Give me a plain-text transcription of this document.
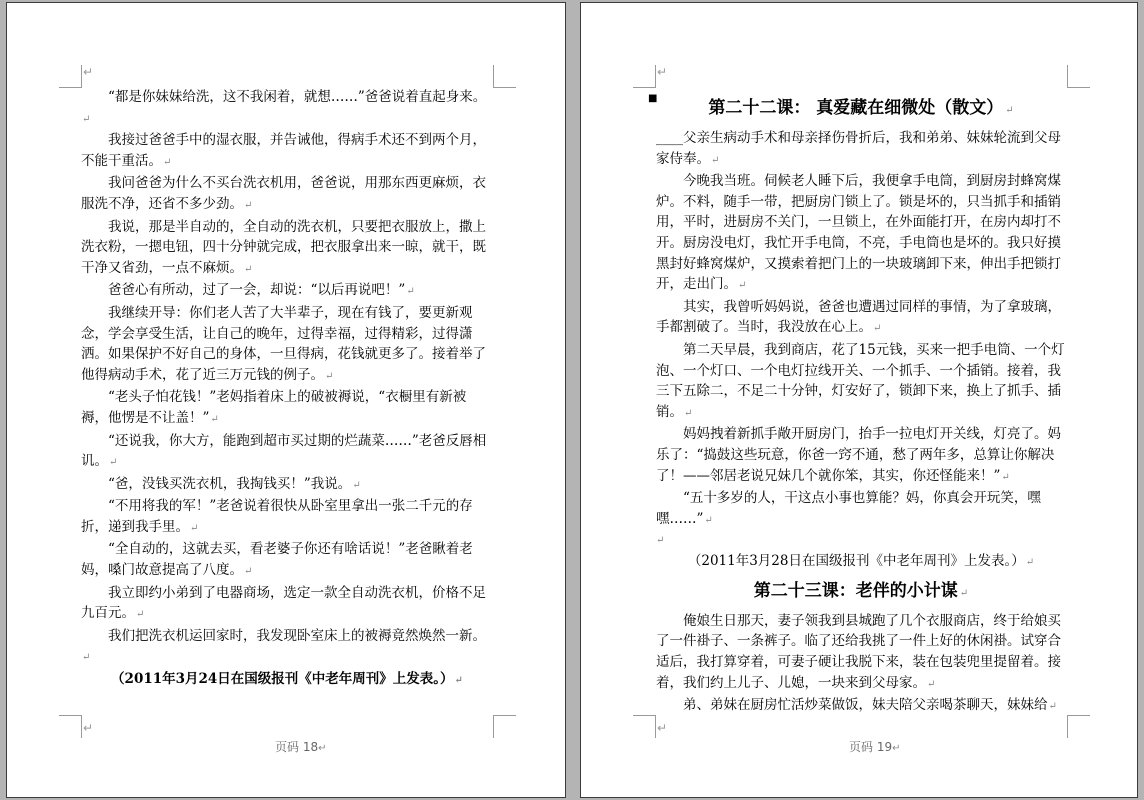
↵
↵

“都是你妹妹给洗，这不我闲着，就想……”爸爸说着直起身来。 ↵

我接过爸爸手中的湿衣服，并告诫他，得病手术还不到两个月，不能干重活。 ↵

我问爸爸为什么不买台洗衣机用，爸爸说，用那东西更麻烦，衣服洗不净，还省不多少劲。 ↵

我说，那是半自动的，全自动的洗衣机，只要把衣服放上，撒上洗衣粉，一摁电钮，四十分钟就完成，把衣服拿出来一晾，就干，既干净又省劲，一点不麻烦。 ↵

爸爸心有所动，过了一会，却说：“以后再说吧！” ↵

我继续开导：你们老人苦了大半辈子，现在有钱了，要更新观念，学会享受生活，让自己的晚年，过得幸福，过得精彩，过得潇洒。如果保护不好自己的身体，一旦得病，花钱就更多了。接着举了他得病动手术，花了近三万元钱的例子。 ↵

“老头子怕花钱！”老妈指着床上的破被褥说，“衣橱里有新被褥，他愣是不让盖！” ↵

“还说我，你大方，能跑到超市买过期的烂蔬菜……”老爸反唇相讥。 ↵

“爸，没钱买洗衣机，我掏钱买！”我说。 ↵

“不用将我的军！”老爸说着很快从卧室里拿出一张二千元的存折，递到我手里。 ↵

“全自动的，这就去买，看老婆子你还有啥话说！”老爸瞅着老妈，嗓门故意提高了八度。 ↵

我立即约小弟到了电器商场，选定一款全自动洗衣机，价格不足九百元。 ↵

我们把洗衣机运回家时，我发现卧室床上的被褥竟然焕然一新。 ↵

（2011年3月24日在国级报刊《中老年周刊》上发表。） ↵

页码 18 ↵
↵
↵
■	第二十二课： 真爱藏在细微处（散文） ↵

____父亲生病动手术和母亲择伤骨折后，我和弟弟、妹妹轮流到父母家侍奉。 ↵

今晚我当班。伺候老人睡下后，我便拿手电筒，到厨房封蜂窝煤炉。不料，随手一带，把厨房门锁上了。锁是坏的，只当抓手和插销用，平时，进厨房不关门，一旦锁上，在外面能打开，在房内却打不开。厨房没电灯，我忙开手电筒，不亮，手电筒也是坏的。我只好摸黑封好蜂窝煤炉，又摸索着把门上的一块玻璃卸下来，伸出手把锁打开，走出门。 ↵

其实，我曾听妈妈说，爸爸也遭遇过同样的事情，为了拿玻璃，手都割破了。当时，我没放在心上。 ↵

第二天早晨，我到商店，花了15元钱，买来一把手电筒、一个灯泡、一个灯口、一个电灯拉线开关、一个抓手、一个插销。接着，我三下五除二，不足二十分钟，灯安好了，锁卸下来，换上了抓手、插销。 ↵

妈妈拽着新抓手敞开厨房门，抬手一拉电灯开关线，灯亮了。妈乐了：“捣鼓这些玩意，你爸一窍不通，愁了两年多，总算让你解决了！——邻居老说兄妹几个就你笨，其实，你还怪能来！” ↵

“五十多岁的人，干这点小事也算能？妈，你真会开玩笑，嘿嘿……” ↵

↵

（2011年3月28日在国级报刊《中老年周刊》上发表。） ↵

第二十三课：老伴的小计谋 ↵

俺娘生日那天，妻子领我到县城跑了几个衣服商店，终于给娘买了一件褂子、一条裤子。临了还给我挑了一件上好的休闲褂。试穿合适后，我打算穿着，可妻子硬让我脱下来，装在包装兜里提留着。接着，我们约上儿子、儿媳，一块来到父母家。 ↵

弟、弟妹在厨房忙活炒菜做饭，妹夫陪父亲喝茶聊天，妹妹给 ↵

页码 19 ↵
